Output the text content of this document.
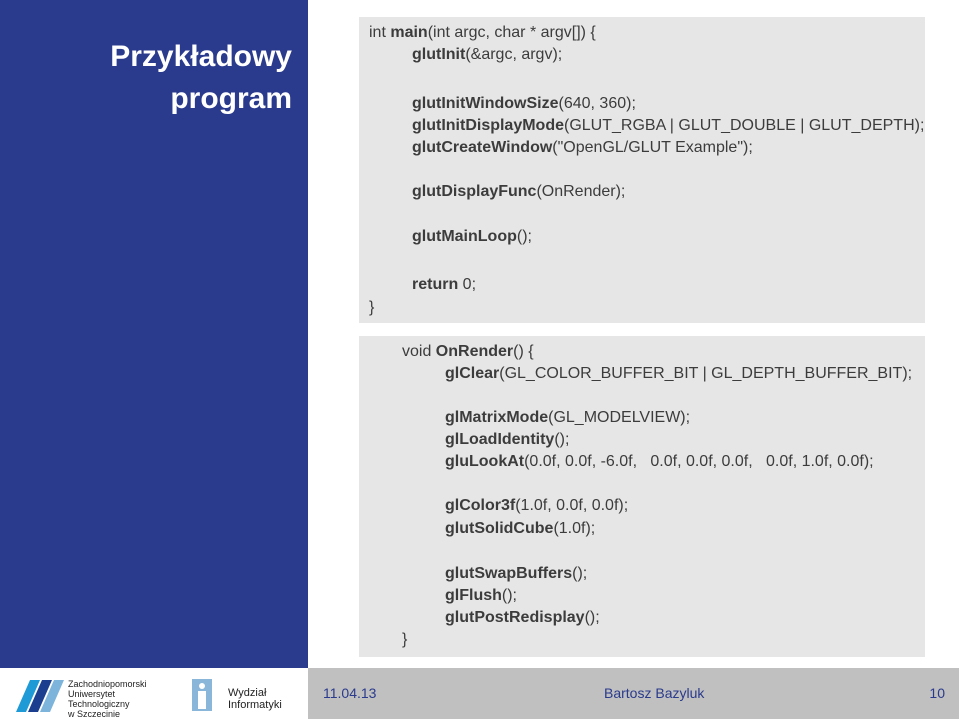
Przykładowy program
int main(int argc, char * argv[]) {
glutInit(&argc, argv);
glutInitWindowSize(640, 360);
glutInitDisplayMode(GLUT_RGBA | GLUT_DOUBLE | GLUT_DEPTH);
glutCreateWindow("OpenGL/GLUT Example");
glutDisplayFunc(OnRender);
glutMainLoop();
return 0;
}
void OnRender() {
glClear(GL_COLOR_BUFFER_BIT | GL_DEPTH_BUFFER_BIT);
glMatrixMode(GL_MODELVIEW);
glLoadIdentity();
gluLookAt(0.0f, 0.0f, -6.0f,   0.0f, 0.0f, 0.0f,   0.0f, 1.0f, 0.0f);
glColor3f(1.0f, 0.0f, 0.0f);
glutSolidCube(1.0f);
glutSwapBuffers();
glFlush();
glutPostRedisplay();
}
11.04.13	Bartosz Bazyluk	10
Zachodniopomorski
Uniwersytet
Technologiczny
w Szczecinie
Wydział
Informatyki
